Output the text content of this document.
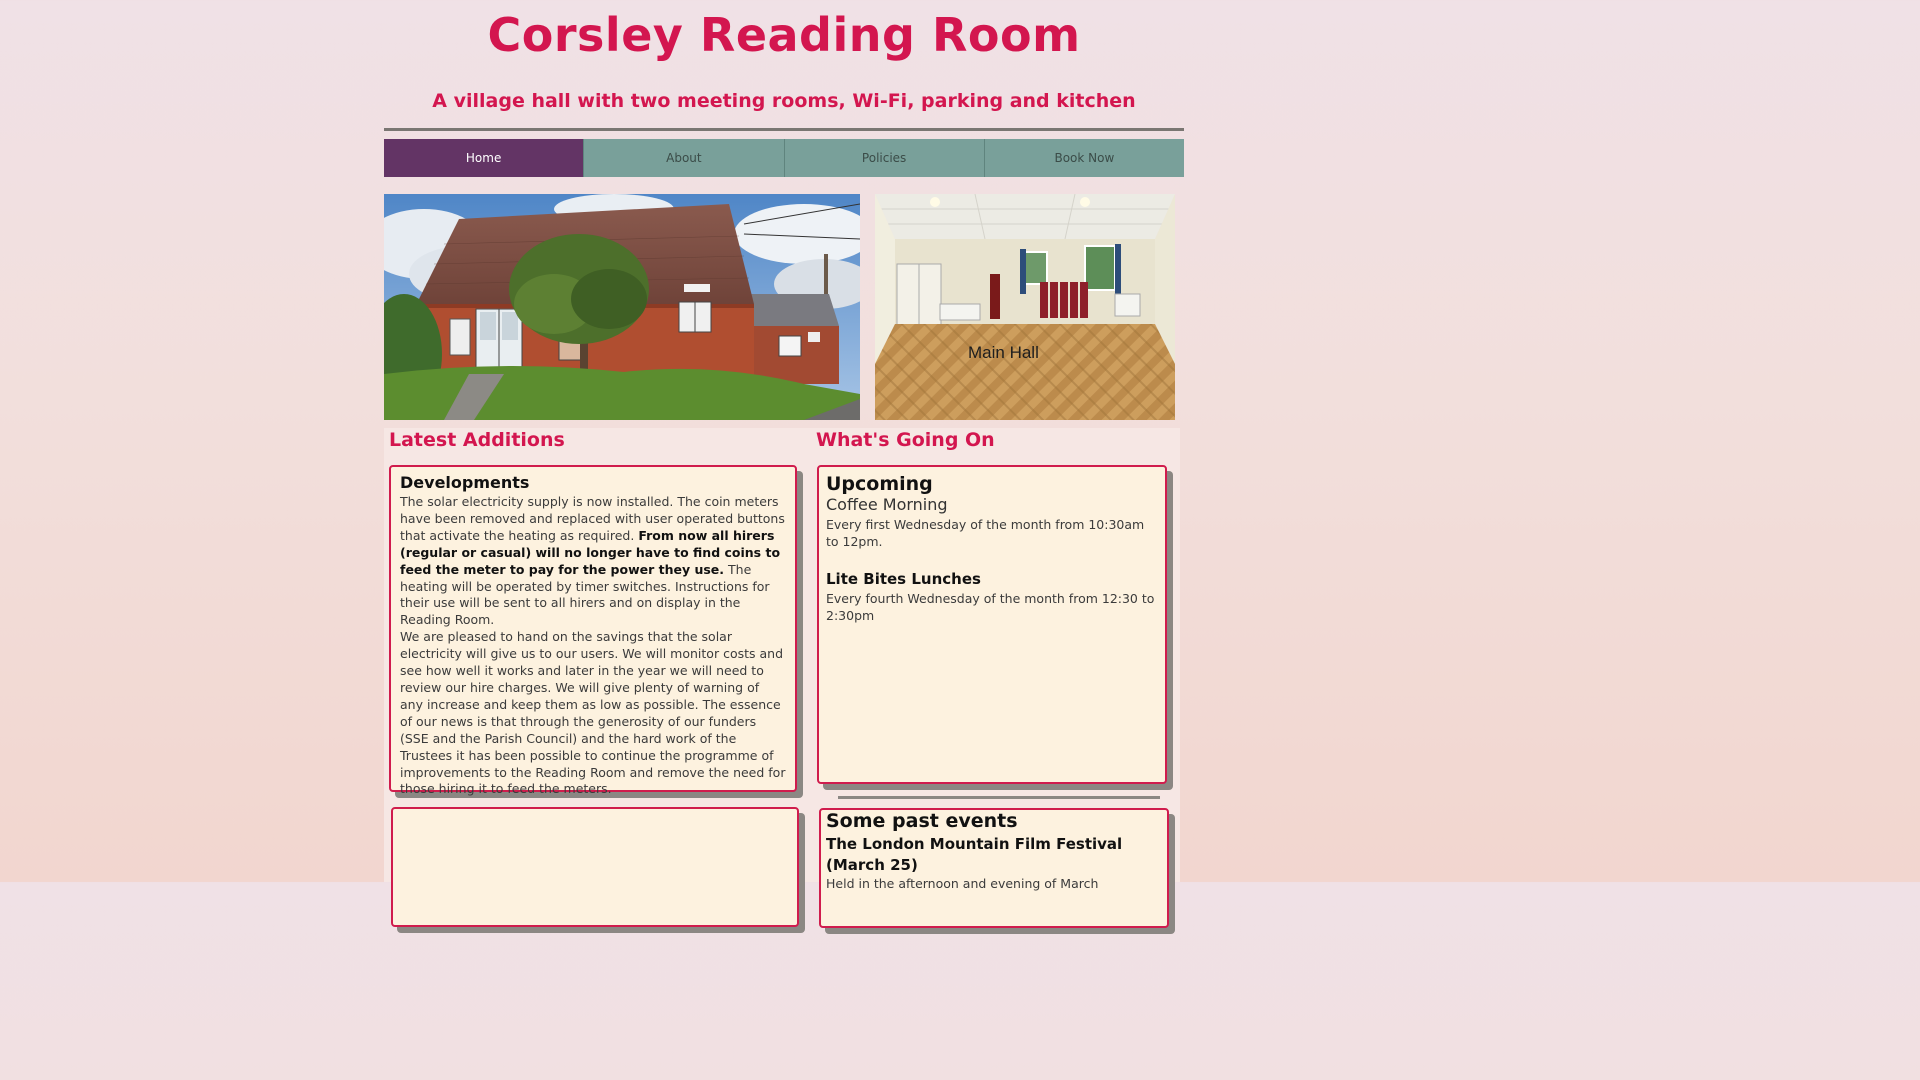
Corsley Reading Room
A village hall with two meeting rooms, Wi-Fi, parking and kitchen
Home	About	Policies	Book Now
Main Hall
Latest Additions	What's Going On

Developments

The solar electricity supply is now installed. The coin meters have been removed and replaced with user operated buttons that activate the heating as required. From now all hirers (regular or casual) will no longer have to find coins to feed the meter to pay for the power they use. The heating will be operated by timer switches. Instructions for their use will be sent to all hirers and on display in the Reading Room.

We are pleased to hand on the savings that the solar electricity will give us to our users. We will monitor costs and see how well it works and later in the year we will need to review our hire charges. We will give plenty of warning of any increase and keep them as low as possible. The essence of our news is that through the generosity of our funders (SSE and the Parish Council) and the hard work of the Trustees it has been possible to continue the programme of improvements to the Reading Room and remove the need for those hiring it to feed the meters.

Upcoming

Coffee Morning

Every first Wednesday of the month from 10:30am to 12pm.

Lite Bites Lunches

Every fourth Wednesday of the month from 12:30 to 2:30pm

Some past events

The London Mountain Film Festival (March 25)

Held in the afternoon and evening of March
